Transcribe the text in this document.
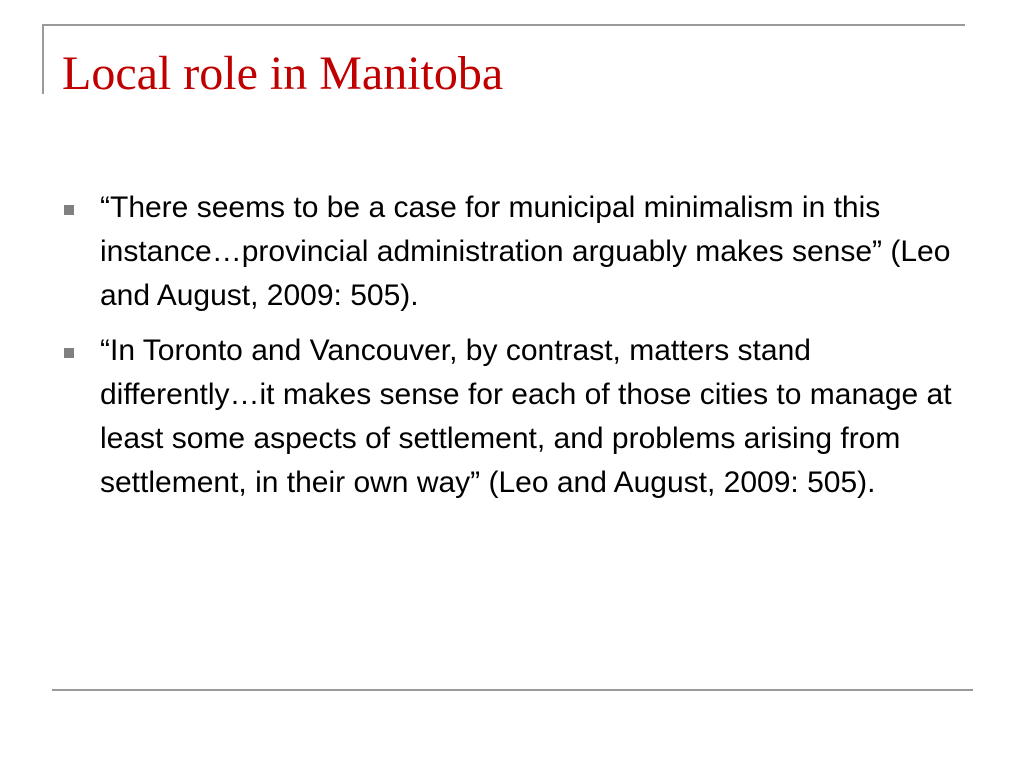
Local role in Manitoba
“There seems to be a case for municipal minimalism in this instance…provincial administration arguably makes sense” (Leo and August, 2009: 505).
“In Toronto and Vancouver, by contrast, matters stand differently…it makes sense for each of those cities to manage at least some aspects of settlement, and problems arising from settlement, in their own way” (Leo and August, 2009: 505).
